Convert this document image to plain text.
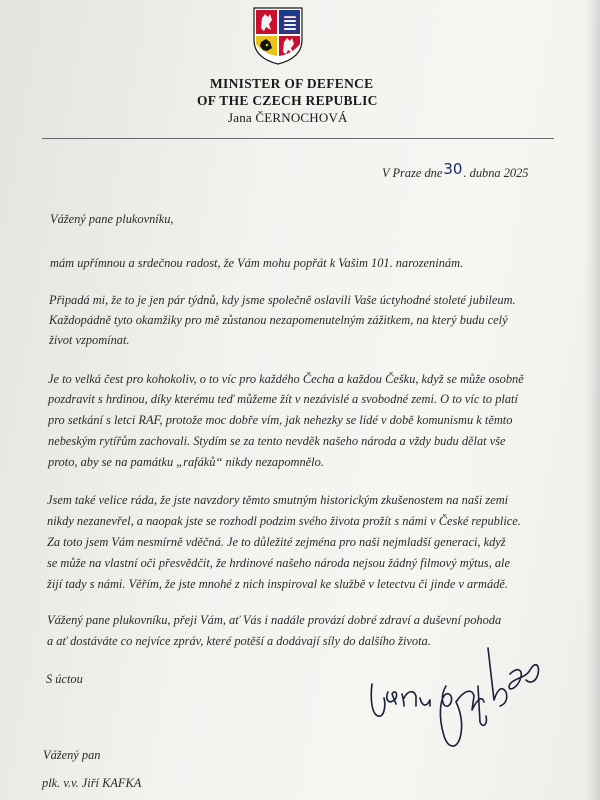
MINISTER OF DEFENCE
OF THE CZECH REPUBLIC
Jana ČERNOCHOVÁ
V Praze dne30. dubna 2025
Vážený pane plukovníku,
mám upřímnou a srdečnou radost, že Vám mohu popřát k Vašim 101. narozeninám.
Připadá mi, že to je jen pár týdnů, kdy jsme společně oslavili Vaše úctyhodné stoleté jubileum.
Každopádně tyto okamžiky pro mě zůstanou nezapomenutelným zážitkem, na který budu celý
život vzpomínat.
Je to velká čest pro kohokoliv, o to víc pro každého Čecha a každou Češku, když se může osobně
pozdravit s hrdinou, díky kterému teď můžeme žít v nezávislé a svobodné zemi. O to víc to platí
pro setkání s letci RAF, protože moc dobře vím, jak nehezky se lidé v době komunismu k těmto
nebeským rytířům zachovali. Stydím se za tento nevděk našeho národa a vždy budu dělat vše
proto, aby se na památku „rafáků“ nikdy nezapomnělo.
Jsem také velice ráda, že jste navzdory těmto smutným historickým zkušenostem na naši zemi
nikdy nezanevřel, a naopak jste se rozhodl podzim svého života prožít s námi v České republice.
Za toto jsem Vám nesmírně vděčná. Je to důležité zejména pro naši nejmladší generaci, když
se může na vlastní oči přesvědčit, že hrdinové našeho národa nejsou žádný filmový mýtus, ale
žijí tady s námi. Věřím, že jste mnohé z nich inspiroval ke službě v letectvu či jinde v armádě.
Vážený pane plukovníku, přeji Vám, ať Vás i nadále provází dobré zdraví a duševní pohoda
a ať dostáváte co nejvíce zpráv, které potěší a dodávají síly do dalšího života.
S úctou
Vážený pan
plk. v.v. Jiří KAFKA
